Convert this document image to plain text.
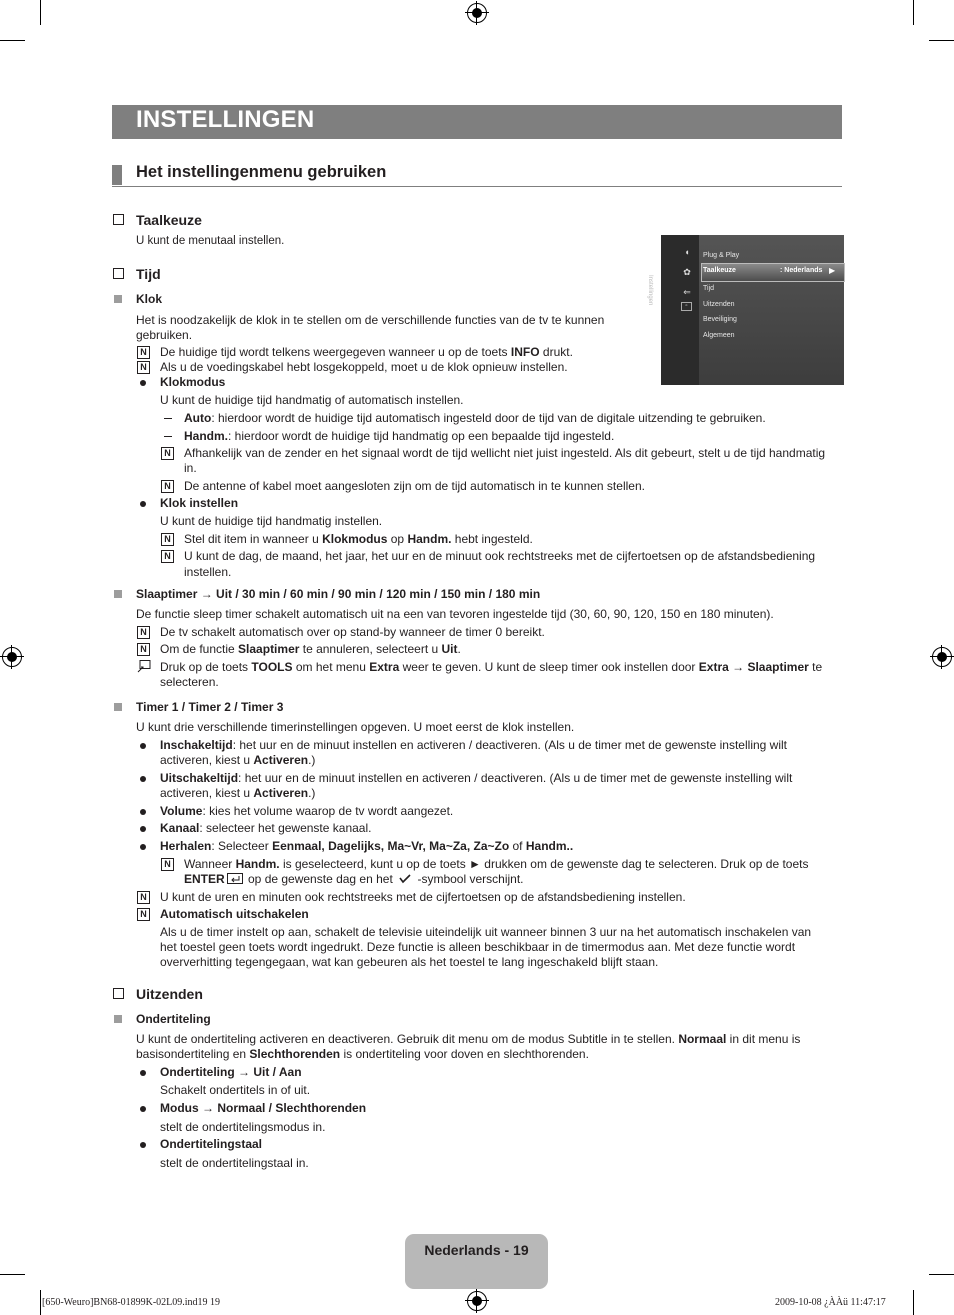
INSTELLINGEN
Het instellingenmenu gebruiken
Taalkeuze
U kunt de menutaal instellen.
Tijd
Klok
Het is noodzakelijk de klok in te stellen om de verschillende functies van de tv te kunnen
gebruiken.
N De huidige tijd wordt telkens weergegeven wanneer u op de toets INFO drukt.
N Als u de voedingskabel hebt losgekoppeld, moet u de klok opnieuw instellen.
Klokmodus
U kunt de huidige tijd handmatig of automatisch instellen.
Auto: hierdoor wordt de huidige tijd automatisch ingesteld door de tijd van de digitale uitzending te gebruiken.
Handm.: hierdoor wordt de huidige tijd handmatig op een bepaalde tijd ingesteld.
N Afhankelijk van de zender en het signaal wordt de tijd wellicht niet juist ingesteld. Als dit gebeurt, stelt u de tijd handmatig
in.
N De antenne of kabel moet aangesloten zijn om de tijd automatisch in te kunnen stellen.
Klok instellen
U kunt de huidige tijd handmatig instellen.
N Stel dit item in wanneer u Klokmodus op Handm. hebt ingesteld.
N U kunt de dag, de maand, het jaar, het uur en de minuut ook rechtstreeks met de cijfertoetsen op de afstandsbediening
instellen.
Slaaptimer → Uit / 30 min / 60 min / 90 min / 120 min / 150 min / 180 min
De functie sleep timer schakelt automatisch uit na een van tevoren ingestelde tijd (30, 60, 90, 120, 150 en 180 minuten).
N De tv schakelt automatisch over op stand-by wanneer de timer 0 bereikt.
N Om de functie Slaaptimer te annuleren, selecteert u Uit.
Druk op de toets TOOLS om het menu Extra weer te geven. U kunt de sleep timer ook instellen door Extra → Slaaptimer te
selecteren.
Timer 1 / Timer 2 / Timer 3
U kunt drie verschillende timerinstellingen opgeven. U moet eerst de klok instellen.
Inschakeltijd: het uur en de minuut instellen en activeren / deactiveren. (Als u de timer met de gewenste instelling wilt
activeren, kiest u Activeren.)
Uitschakeltijd: het uur en de minuut instellen en activeren / deactiveren. (Als u de timer met de gewenste instelling wilt
activeren, kiest u Activeren.)
Volume: kies het volume waarop de tv wordt aangezet.
Kanaal: selecteer het gewenste kanaal.
Herhalen: Selecteer Eenmaal, Dagelijks, Ma~Vr, Ma~Za, Za~Zo of Handm..
N Wanneer Handm. is geselecteerd, kunt u op de toets ► drukken om de gewenste dag te selecteren. Druk op de toets
ENTER op de gewenste dag en het  -symbool verschijnt.
N U kunt de uren en minuten ook rechtstreeks met de cijfertoetsen op de afstandsbediening instellen.
N Automatisch uitschakelen
Als u de timer instelt op aan, schakelt de televisie uiteindelijk uit wanneer binnen 3 uur na het automatisch inschakelen van
het toestel geen toets wordt ingedrukt. Deze functie is alleen beschikbaar in de timermodus aan. Met deze functie wordt
oververhitting tegengegaan, wat kan gebeuren als het toestel te lang ingeschakeld blijft staan.
Uitzenden
Ondertiteling
U kunt de ondertiteling activeren en deactiveren. Gebruik dit menu om de modus Subtitle in te stellen. Normaal in dit menu is
basisondertiteling en Slechthorenden is ondertiteling voor doven en slechthorenden.
Ondertiteling → Uit / Aan
Schakelt ondertitels in of uit.
Modus → Normaal / Slechthorenden
stelt de ondertitelingsmodus in.
Ondertitelingstaal
stelt de ondertitelingstaal in.
Instellingen
◖
✿
⇐
▫
Plug & Play
Taalkeuze	: Nederlands ▶
Tijd
Uitzenden
Beveiliging
Algemeen
Nederlands - 19
[650-Weuro]BN68-01899K-02L09.ind19 19	2009-10-08 ¿ÀÀü 11:47:17
